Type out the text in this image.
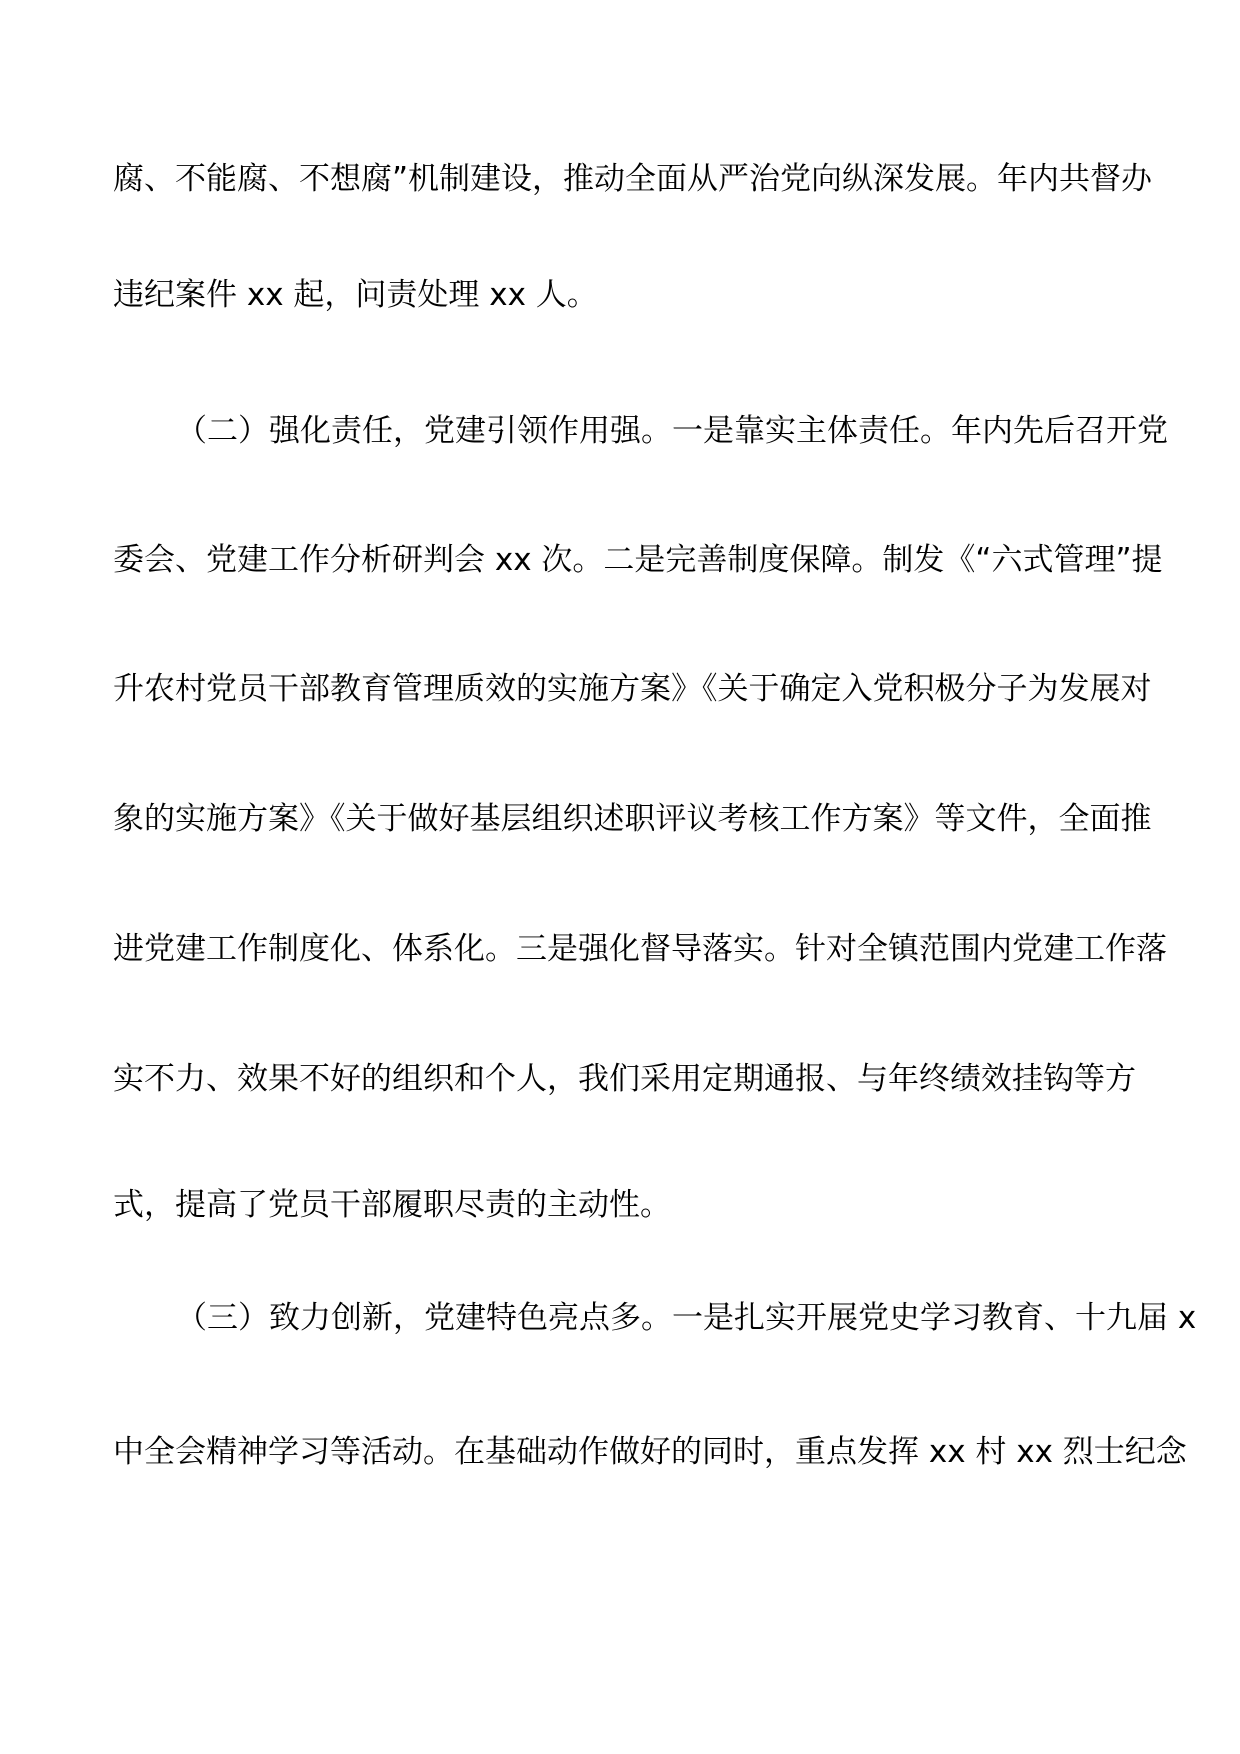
腐、不能腐、不想腐”机制建设，推动全面从严治党向纵深发展。年内共督办
违纪案件 xx 起，问责处理 xx 人。
（二）强化责任，党建引领作用强。一是靠实主体责任。年内先后召开党
委会、党建工作分析研判会 xx 次。二是完善制度保障。制发《“六式管理”提
升农村党员干部教育管理质效的实施方案》《关于确定入党积极分子为发展对
象的实施方案》《关于做好基层组织述职评议考核工作方案》等文件，全面推
进党建工作制度化、体系化。三是强化督导落实。针对全镇范围内党建工作落
实不力、效果不好的组织和个人，我们采用定期通报、与年终绩效挂钩等方
式，提高了党员干部履职尽责的主动性。
（三）致力创新，党建特色亮点多。一是扎实开展党史学习教育、十九届 x
中全会精神学习等活动。在基础动作做好的同时，重点发挥 xx 村 xx 烈士纪念
